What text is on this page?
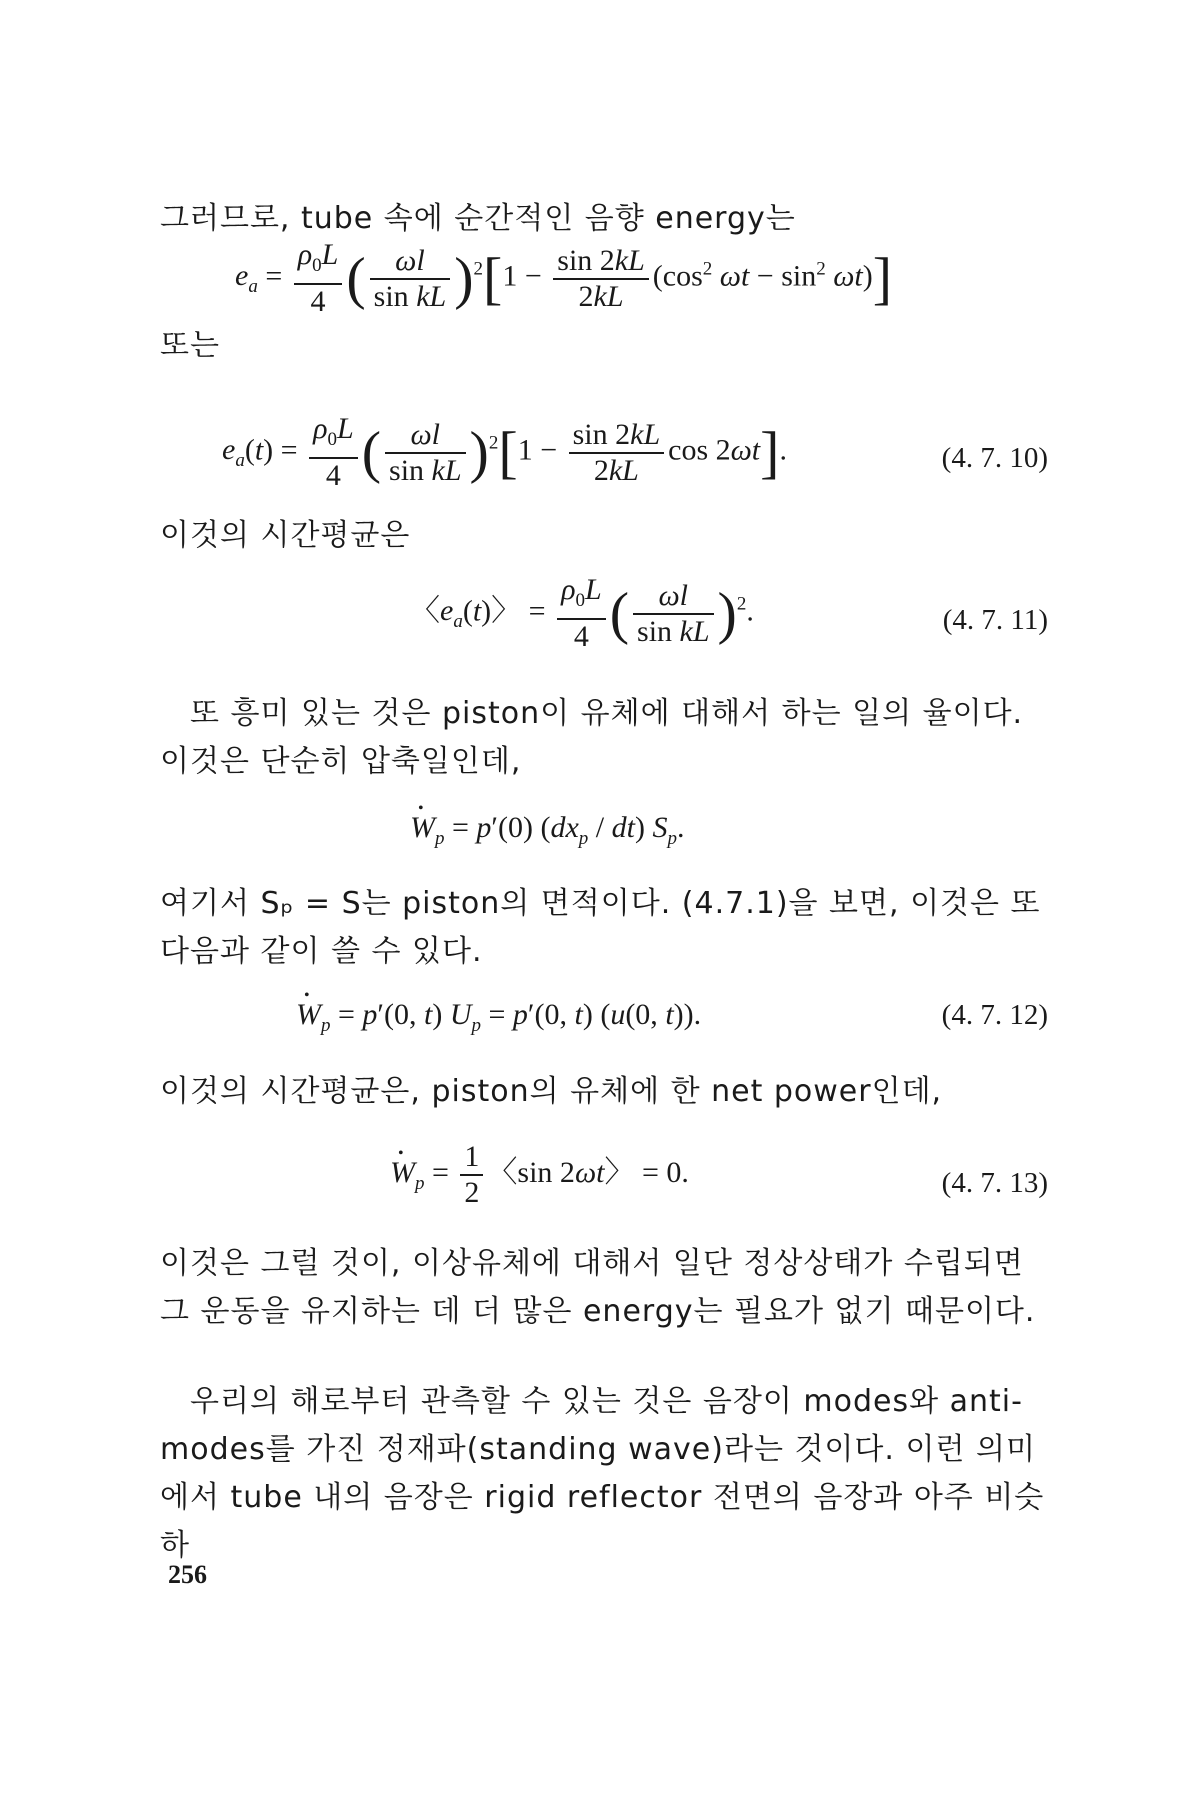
그러므로, tube 속에 순간적인 음향 energy는

$e_a = \frac{\rho_0L}{4}$ ( $\frac{\omega l}{\text{sin kL}} )^2[1 - \frac{\sin 2kL}{2kL} (\cos^2$ $\omega t - \sin^2 \omega t$)]

또는

$e_a(t) = \frac{\rho_0L}{4}$ ( $\frac{\omega l}{\text{sin kL}} )^2[1 - \frac{\sin 2kL}{2kL}$ cos 2ωt].	(4. 7. 10)

이것의 시간평균은

〈$e_a(t)$〉 = $\frac{\rho_0L}{4}$ ( $\frac{\omega l}{\text{sin kL}} )^2$.	(4. 7. 11)

또 흥미 있는 것은 piston이 유체에 대해서 하는 일의 율이다. 이것은 단순히 압축일인데,

• $W_p = p'(0)$ $(dx_p / dt)$ $S_p$.

여기서 Sₚ = S는 piston의 면적이다. (4.7.1)을 보면, 이것은 또 다음과 같이 쓸 수 있다.

• $W_p = p'(0$, t) $U_p = p'(0$, t) (u(0, t)).	(4. 7. 12)

이것의 시간평균은, piston의 유체에 한 net power인데,

• $W_p = \frac{1}{2}$ 〈sin 2ωt〉 = 0.	(4. 7. 13)

이것은 그럴 것이, 이상유체에 대해서 일단 정상상태가 수립되면 그 운동을 유지하는 데 더 많은 energy는 필요가 없기 때문이다.

우리의 해로부터 관측할 수 있는 것은 음장이 modes와 anti-modes를 가진 정재파(standing wave)라는 것이다. 이런 의미에서 tube 내의 음장은 rigid reflector 전면의 음장과 아주 비슷하

256
